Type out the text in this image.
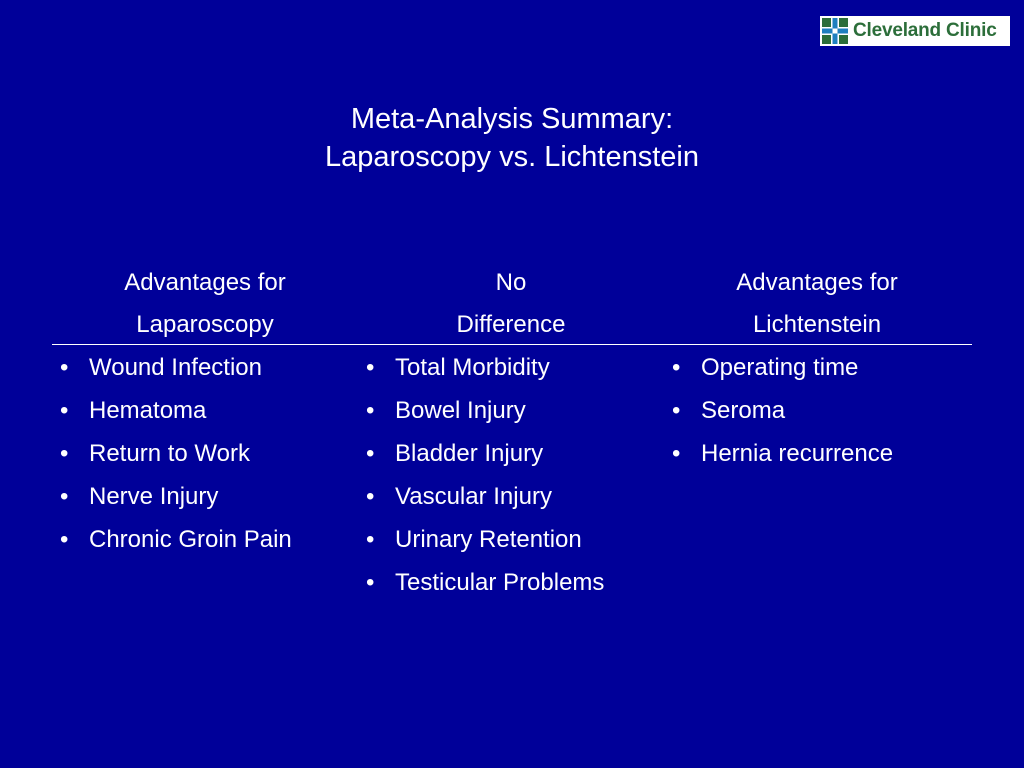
Cleveland Clinic
Meta-Analysis Summary:
Laparoscopy vs. Lichtenstein
Advantages for
Laparoscopy
No
Difference
Advantages for
Lichtenstein
• Wound Infection
• Hematoma
• Return to Work
• Nerve Injury
• Chronic Groin Pain
• Total Morbidity
• Bowel Injury
• Bladder Injury
• Vascular Injury
• Urinary Retention
• Testicular Problems
• Operating time
• Seroma
• Hernia recurrence
